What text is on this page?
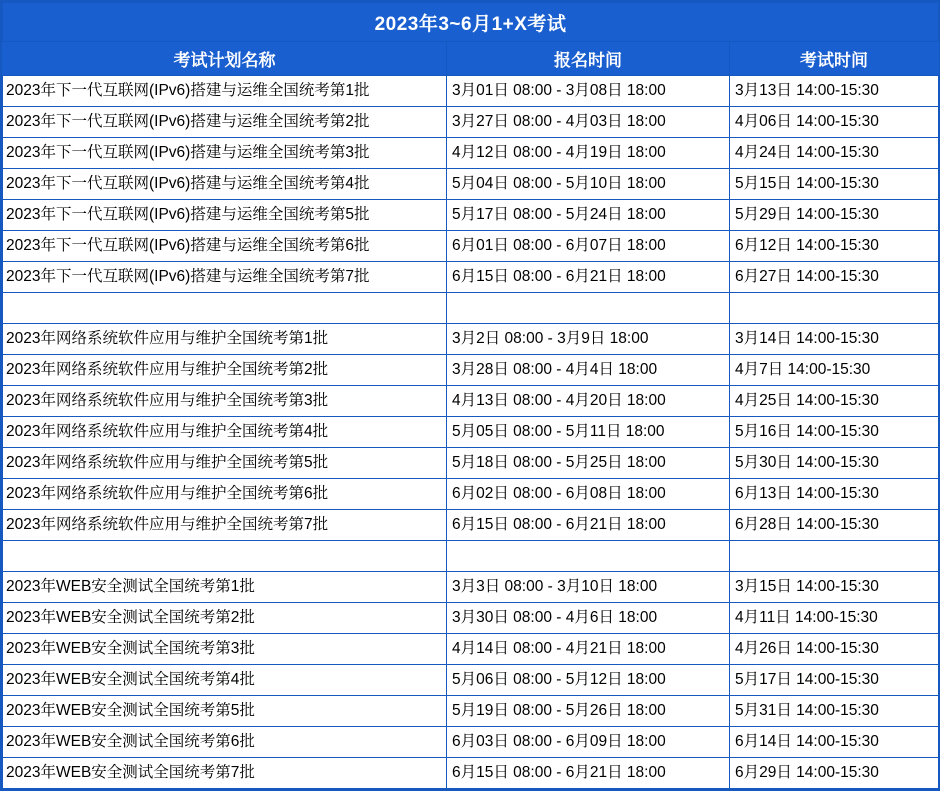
2023年3~6月1+X考试		
考试计划名称	报名时间	考试时间
2023年下一代互联网(IPv6)搭建与运维全国统考第1批	3月01日 08:00 - 3月08日 18:00	3月13日 14:00-15:30
2023年下一代互联网(IPv6)搭建与运维全国统考第2批	3月27日 08:00 - 4月03日 18:00	4月06日 14:00-15:30
2023年下一代互联网(IPv6)搭建与运维全国统考第3批	4月12日 08:00 - 4月19日 18:00	4月24日 14:00-15:30
2023年下一代互联网(IPv6)搭建与运维全国统考第4批	5月04日 08:00 - 5月10日 18:00	5月15日 14:00-15:30
2023年下一代互联网(IPv6)搭建与运维全国统考第5批	5月17日 08:00 - 5月24日 18:00	5月29日 14:00-15:30
2023年下一代互联网(IPv6)搭建与运维全国统考第6批	6月01日 08:00 - 6月07日 18:00	6月12日 14:00-15:30
2023年下一代互联网(IPv6)搭建与运维全国统考第7批	6月15日 08:00 - 6月21日 18:00	6月27日 14:00-15:30

2023年网络系统软件应用与维护全国统考第1批	3月2日 08:00 - 3月9日 18:00	3月14日 14:00-15:30
2023年网络系统软件应用与维护全国统考第2批	3月28日 08:00 - 4月4日 18:00	4月7日 14:00-15:30
2023年网络系统软件应用与维护全国统考第3批	4月13日 08:00 - 4月20日 18:00	4月25日 14:00-15:30
2023年网络系统软件应用与维护全国统考第4批	5月05日 08:00 - 5月11日 18:00	5月16日 14:00-15:30
2023年网络系统软件应用与维护全国统考第5批	5月18日 08:00 - 5月25日 18:00	5月30日 14:00-15:30
2023年网络系统软件应用与维护全国统考第6批	6月02日 08:00 - 6月08日 18:00	6月13日 14:00-15:30
2023年网络系统软件应用与维护全国统考第7批	6月15日 08:00 - 6月21日 18:00	6月28日 14:00-15:30

2023年WEB安全测试全国统考第1批	3月3日 08:00 - 3月10日 18:00	3月15日 14:00-15:30
2023年WEB安全测试全国统考第2批	3月30日 08:00 - 4月6日 18:00	4月11日 14:00-15:30
2023年WEB安全测试全国统考第3批	4月14日 08:00 - 4月21日 18:00	4月26日 14:00-15:30
2023年WEB安全测试全国统考第4批	5月06日 08:00 - 5月12日 18:00	5月17日 14:00-15:30
2023年WEB安全测试全国统考第5批	5月19日 08:00 - 5月26日 18:00	5月31日 14:00-15:30
2023年WEB安全测试全国统考第6批	6月03日 08:00 - 6月09日 18:00	6月14日 14:00-15:30
2023年WEB安全测试全国统考第7批	6月15日 08:00 - 6月21日 18:00	6月29日 14:00-15:30
